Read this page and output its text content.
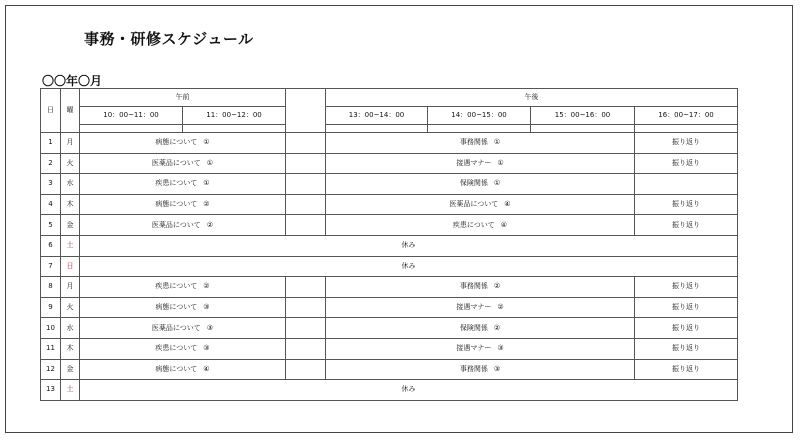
事務・研修スケジュール
〇〇年〇月
日	曜	午前			午後			
		10：00~11：00	11：00~12：00		13：00~14：00	14：00~15：00	15：00~16：00	16：00~17：00

1	月	病態について ①			事務関係 ①			振り返り
2	火	医薬品について ①			接遇マナー ①			振り返り
3	水	疾患について ①			保険関係 ①			
4	木	病態について ②			医薬品について ④			振り返り
5	金	医薬品について ②			疾患について ④			振り返り
6	土	休み						
7	日	休み						
8	月	疾患について ②			事務関係 ②			振り返り
9	火	病態について ③			接遇マナー ②			振り返り
10	水	医薬品について ③			保険関係 ②			振り返り
11	木	疾患について ③			接遇マナー ③			振り返り
12	金	病態について ④			事務関係 ③			振り返り
13	土	休み						
